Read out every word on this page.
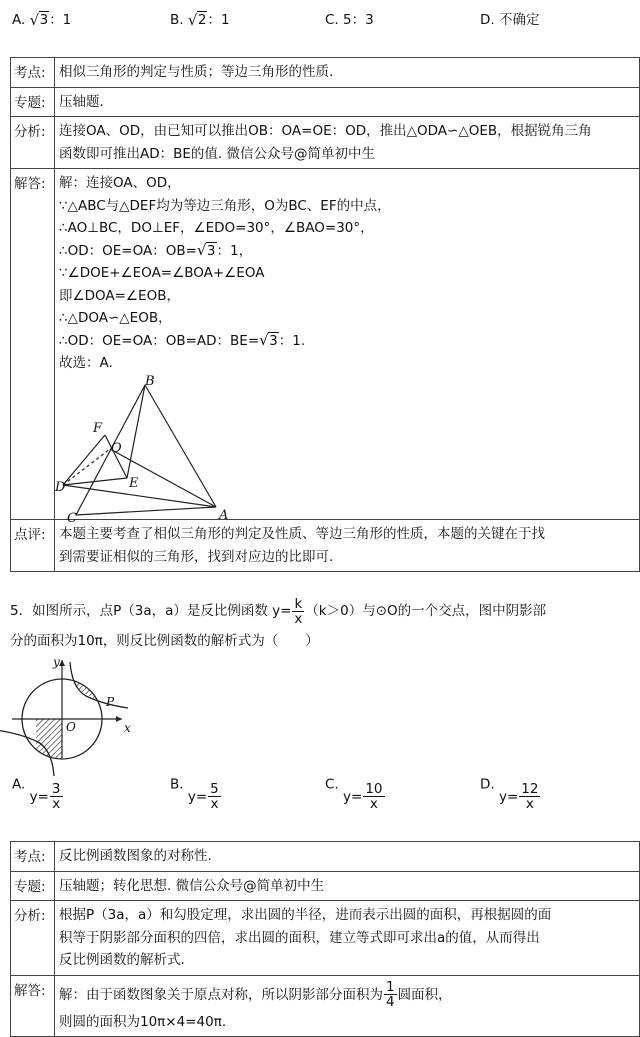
A. √ 3：1	B. √ 2：1	C. 5：3	D. 不确定
考点: 相似三角形的判定与性质；等边三角形的性质.
专题: 压轴题.
分析: 连接OA、OD，由已知可以推出OB：OA=OE：OD，推出△ODA∽△OEB，根据锐角三角
函数即可推出AD：BE的值. 微信公众号@简单初中生
解答: 解：连接OA、OD，
∵△ABC与△DEF均为等边三角形，O为BC、EF的中点，
∴AO⊥BC，DO⊥EF，∠EDO=30°，∠BAO=30°，
∴OD：OE=OA：OB= √ 3：1，
∵∠DOE+∠EOA=∠BOA+∠EOA
即∠DOA=∠EOB，
∴△DOA∽△EOB，
∴OD：OE=OA：OB=AD：BE= √ 3：1.
故选：A.
B
F
O
D	E
C	A
点评: 本题主要考查了相似三角形的判定及性质、等边三角形的性质，本题的关键在于找
到需要证相似的三角形，找到对应边的比即可.
5．如图所示，点P（3a，a）是反比例函数 $y= \frac{k}{x} (k>0)$与⊙O的一个交点，图中阴影部
分的面积为10π，则反比例函数的解析式为（　　）
y
x
P
O
A. $y= \frac{3}{x}$	B. $y= \frac{5}{x}$	C. $y= \frac{10}{x}$	D. $y= \frac{12}{x}$
考点: 反比例函数图象的对称性.
专题: 压轴题；转化思想. 微信公众号@简单初中生
分析: 根据P（3a，a）和勾股定理，求出圆的半径，进而表示出圆的面积，再根据圆的面
积等于阴影部分面积的四倍，求出圆的面积，建立等式即可求出a的值，从而得出
反比例函数的解析式.
解答: 解：由于函数图象关于原点对称，所以阴影部分面积为 $\frac{1}{4}$ 圆面积，
则圆的面积为10π×4=40π.
